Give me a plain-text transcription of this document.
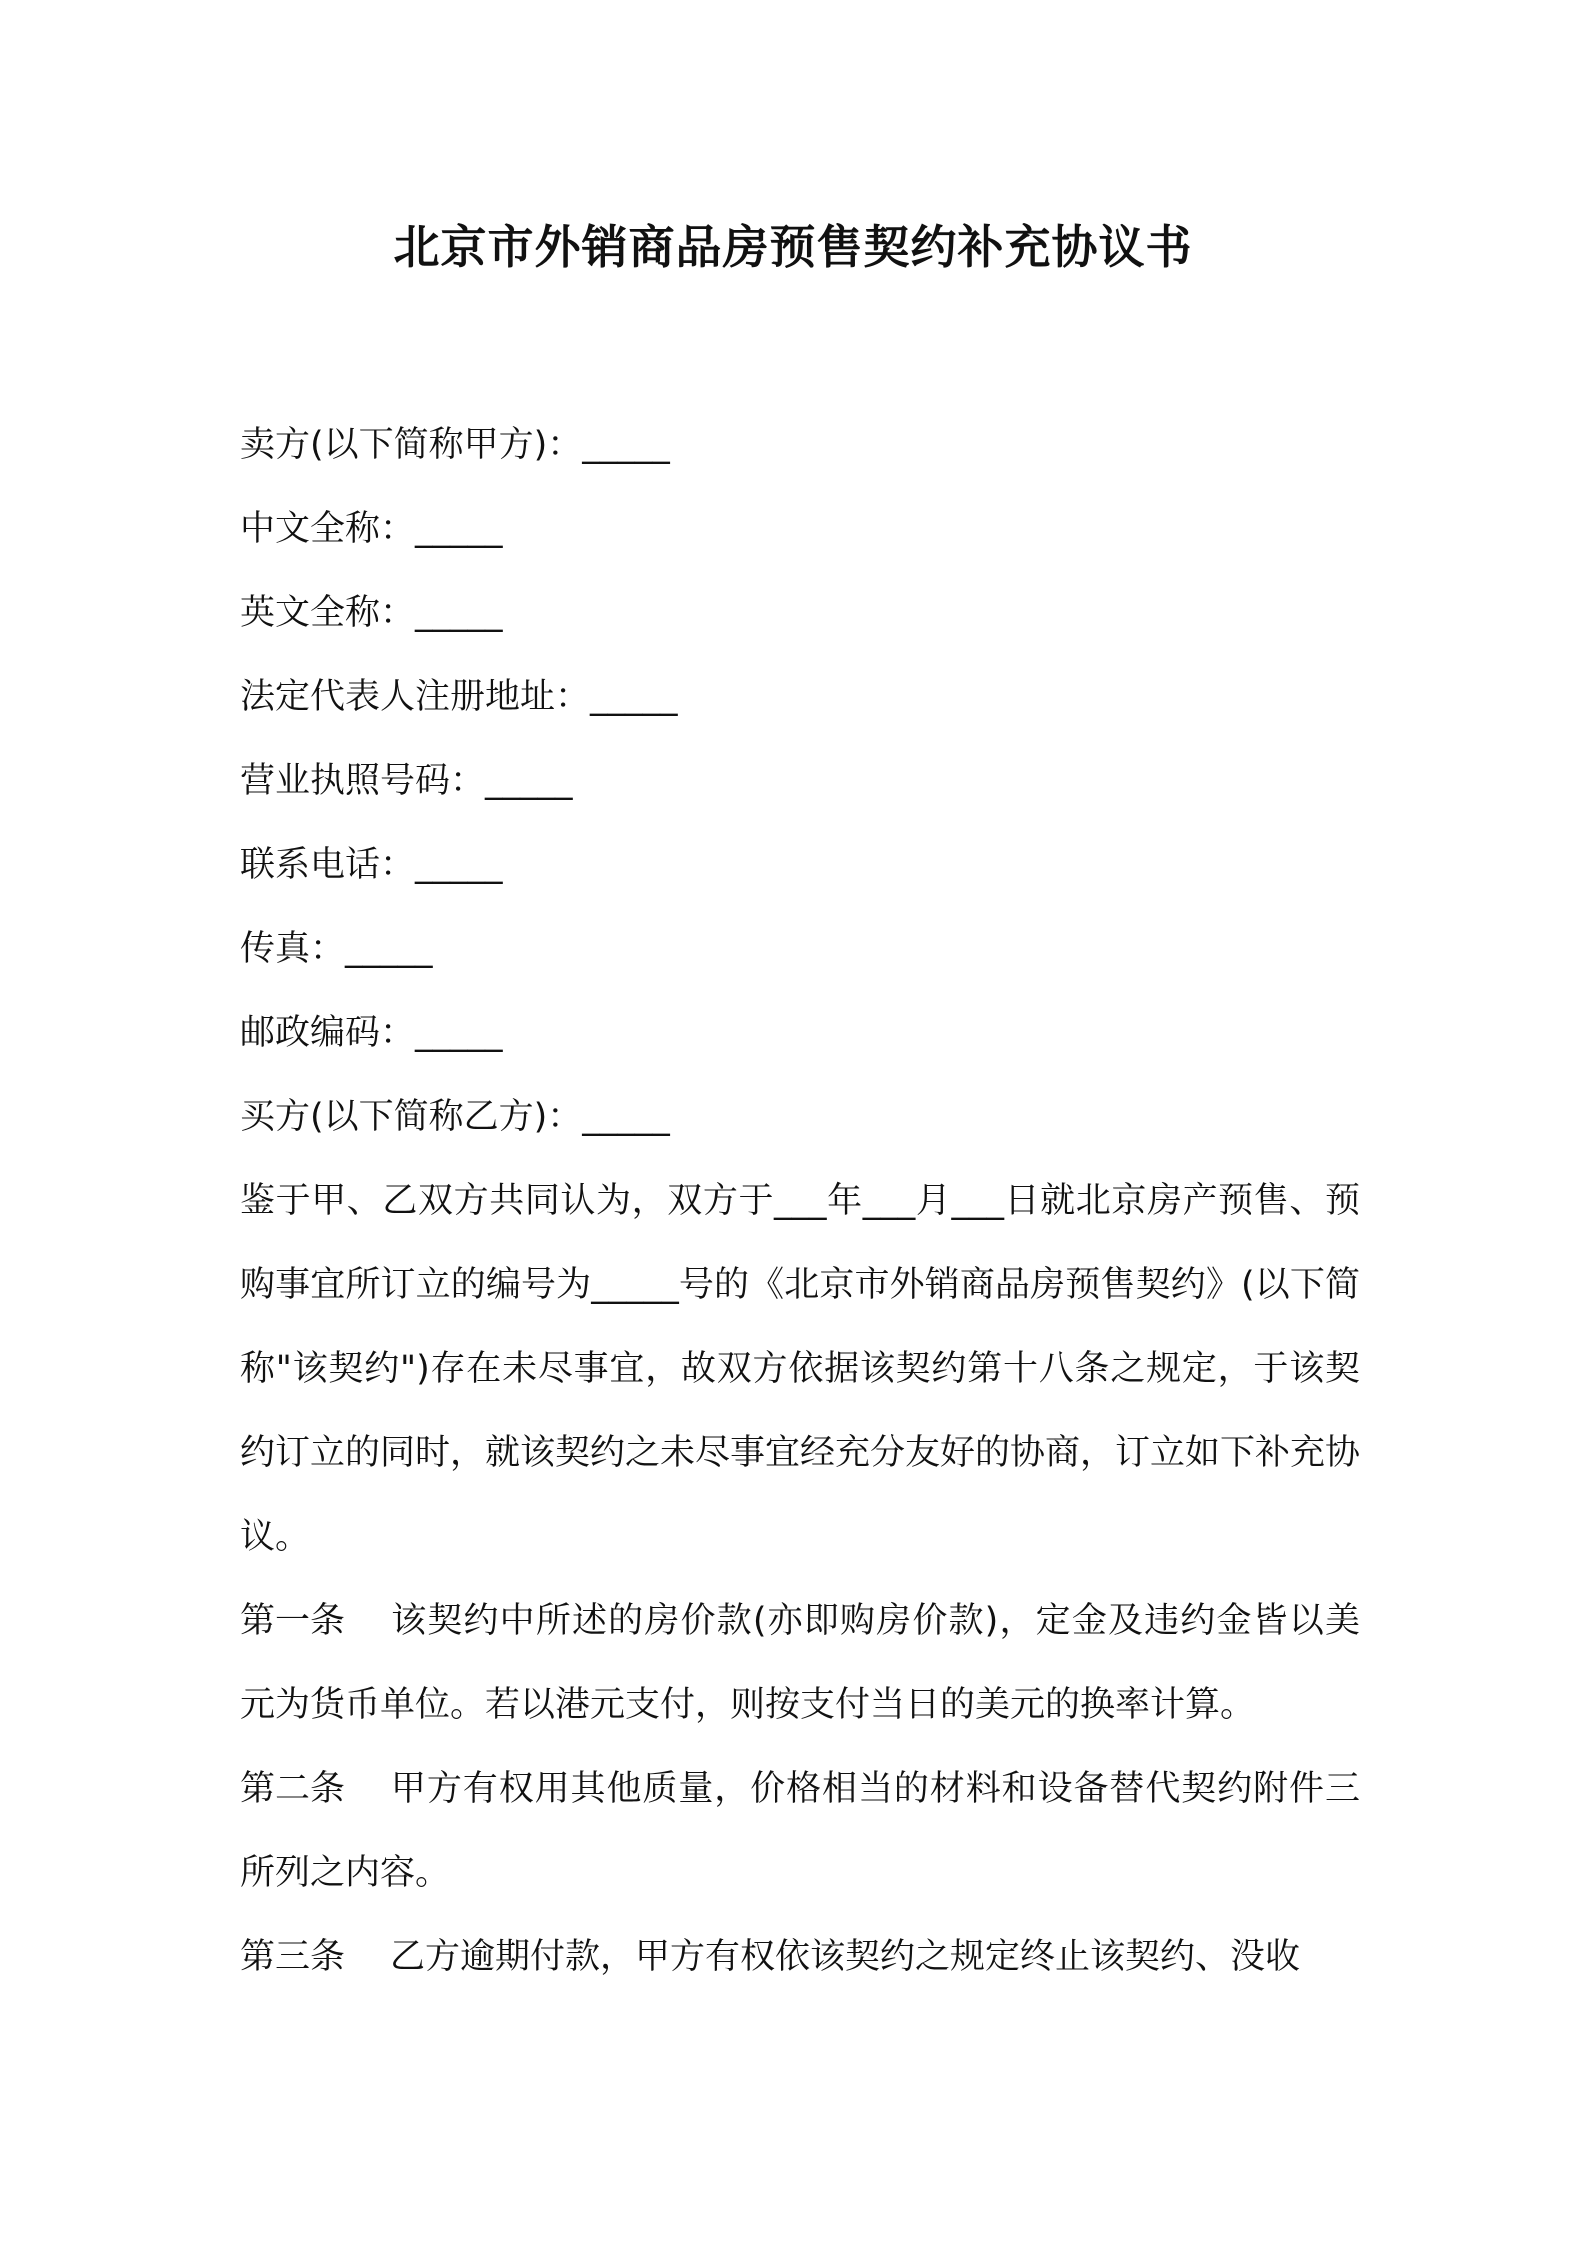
北京市外销商品房预售契约补充协议书

卖方(以下简称甲方)：_____

中文全称：_____

英文全称：_____

法定代表人注册地址：_____

营业执照号码：_____

联系电话：_____

传真：_____

邮政编码：_____

买方(以下简称乙方)：_____

鉴于甲、乙双方共同认为，双方于___年___月___日就北京房产预售、预购事宜所订立的编号为_____号的《北京市外销商品房预售契约》(以下简称"该契约")存在未尽事宜，故双方依据该契约第十八条之规定，于该契约订立的同时，就该契约之未尽事宜经充分友好的协商，订立如下补充协议。

第一条 该契约中所述的房价款(亦即购房价款)，定金及违约金皆以美元为货币单位。若以港元支付，则按支付当日的美元的换率计算。

第二条 甲方有权用其他质量，价格相当的材料和设备替代契约附件三所列之内容。

第三条 乙方逾期付款，甲方有权依该契约之规定终止该契约、没收
